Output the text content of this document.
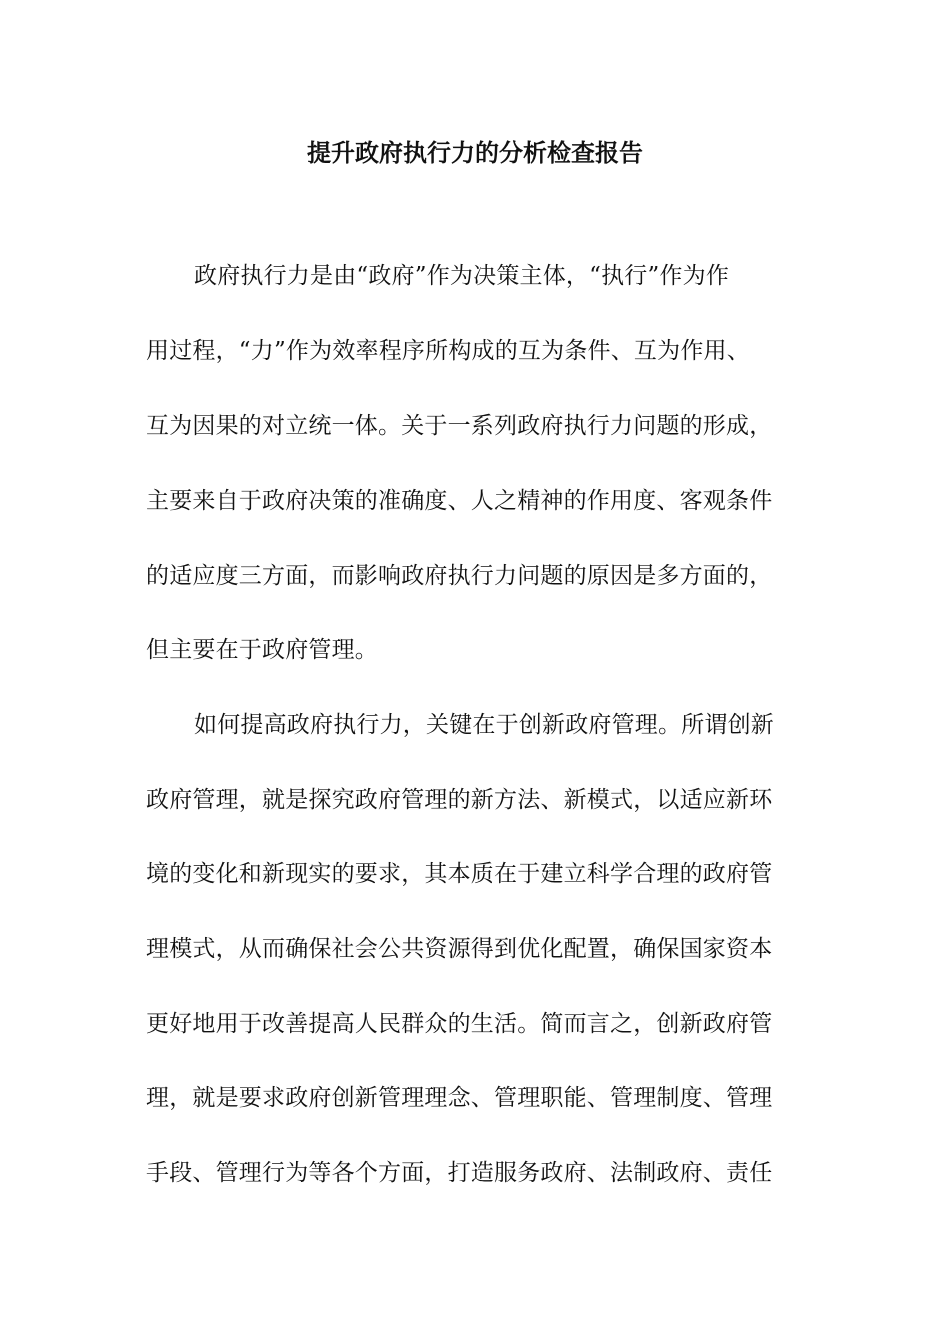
提升政府执行力的分析检查报告
政府执行力是由“政府”作为决策主体，“执行”作为作
用过程，“力”作为效率程序所构成的互为条件、互为作用、
互为因果的对立统一体。关于一系列政府执行力问题的形成，
主要来自于政府决策的准确度、人之精神的作用度、客观条件
的适应度三方面，而影响政府执行力问题的原因是多方面的，
但主要在于政府管理。
如何提高政府执行力，关键在于创新政府管理。所谓创新
政府管理，就是探究政府管理的新方法、新模式，以适应新环
境的变化和新现实的要求，其本质在于建立科学合理的政府管
理模式，从而确保社会公共资源得到优化配置，确保国家资本
更好地用于改善提高人民群众的生活。简而言之，创新政府管
理，就是要求政府创新管理理念、管理职能、管理制度、管理
手段、管理行为等各个方面，打造服务政府、法制政府、责任
